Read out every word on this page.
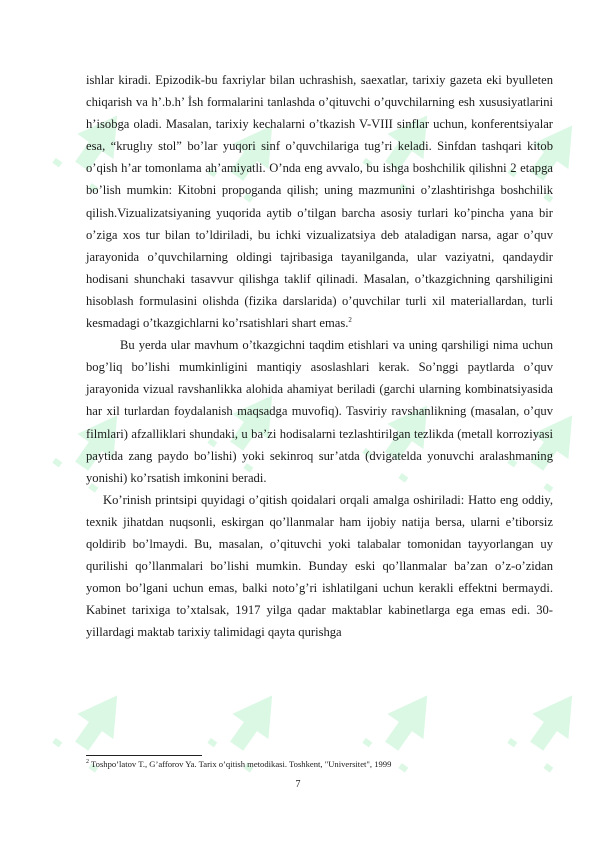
ishlar kiradi. Epizodik-bu faxriylar bilan uchrashish, saexatlar, tarixiy gazeta eki byulleten chiqarish va h’.b.h’ İsh formalarini tanlashda o’qituvchi o’quvchilarning esh xususiyatlarini h’isobga oladi. Masalan, tarixiy kechalarni o’tkazish V-VIII sinflar uchun, konferentsiyalar esa, “kruglıy stol” bo’lar yuqori sinf o’quvchilariga tug’ri keladi. Sinfdan tashqari kitob o’qish h’ar tomonlama ah’amiyatli. O’nda eng avvalo, bu ishga boshchilik qilishni 2 etapga bo’lish mumkin: Kitobni propoganda qilish; uning mazmunini o’zlashtirishga boshchilik qilish.Vizualizatsiyaning yuqorida aytib o’tilgan barcha asosiy turlari ko’pincha yana bir o’ziga xos tur bilan to’ldiriladi, bu ichki vizualizatsiya deb ataladigan narsa, agar o’quv jarayonida o’quvchilarning oldingi tajribasiga tayanilganda, ular vaziyatni, qandaydir hodisani shunchaki tasavvur qilishga taklif qilinadi. Masalan, o’tkazgichning qarshiligini hisoblash formulasini olishda (fizika darslarida) o’quvchilar turli xil materiallardan, turli kesmadagi o’tkazgichlarni ko’rsatishlari shart emas.$^2$

Bu yerda ular mavhum o’tkazgichni taqdim etishlari va uning qarshiligi nima uchun bog’liq bo’lishi mumkinligini mantiqiy asoslashlari kerak. So’nggi paytlarda o’quv jarayonida vizual ravshanlikka alohida ahamiyat beriladi (garchi ularning kombinatsiyasida har xil turlardan foydalanish maqsadga muvofiq). Tasviriy ravshanlikning (masalan, o’quv filmlari) afzalliklari shundaki, u ba’zi hodisalarni tezlashtirilgan tezlikda (metall korroziyasi paytida zang paydo bo’lishi) yoki sekinroq sur’atda (dvigatelda yonuvchi aralashmaning yonishi) ko’rsatish imkonini beradi.

Ko’rinish printsipi quyidagi o’qitish qoidalari orqali amalga oshiriladi: Hatto eng oddiy, texnik jihatdan nuqsonli, eskirgan qo’llanmalar ham ijobiy natija bersa, ularni e’tiborsiz qoldirib bo’lmaydi. Bu, masalan, o’qituvchi yoki talabalar tomonidan tayyorlangan uy qurilishi qo’llanmalari bo’lishi mumkin. Bunday eski qo’llanmalar ba’zan o’z-o’zidan yomon bo’lgani uchun emas, balki noto’g’ri ishlatilgani uchun kerakli effektni bermaydi. Kabinet tarixiga to’xtalsak, 1917 yilga qadar maktablar kabinetlarga ega emas edi. 30- yillardagi maktab tarixiy talimidagi qayta qurishga

$^2$ Toshpo’latov T., G’afforov Ya. Tarix o’qitish metodikasi. Toshkent, "Universitet", 1999
7
